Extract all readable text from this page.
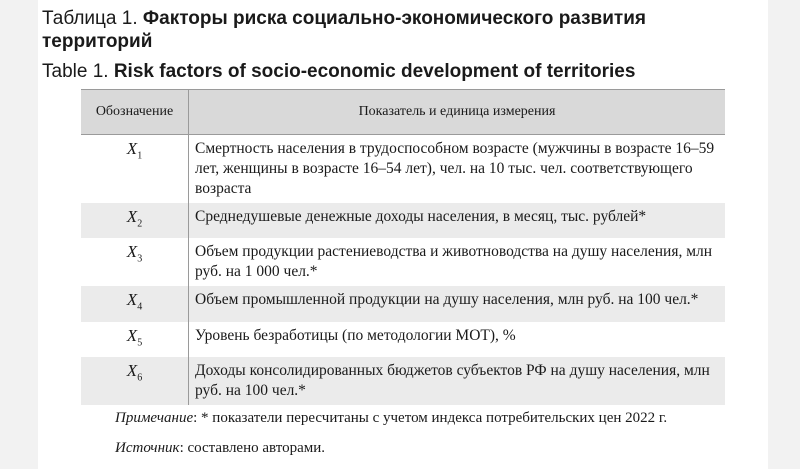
Таблица 1. Факторы риска социально-экономического развития территорий
Table 1. Risk factors of socio-economic development of territories
Обозначение	Показатель и единица измерения
$X_1$	Смертность населения в трудоспособном возрасте (мужчины в возрасте 16–59 лет, женщины в возрасте 16–54 лет), чел. на 10 тыс. чел. соответствующего возраста
$X_2$	Среднедушевые денежные доходы населения, в месяц, тыс. рублей*
$X_3$	Объем продукции растениеводства и животноводства на душу населения, млн руб. на 1 000 чел.*
$X_4$	Объем промышленной продукции на душу населения, млн руб. на 100 чел.*
$X_5$	Уровень безработицы (по методологии МОТ), %
$X_6$	Доходы консолидированных бюджетов субъектов РФ на душу населения, млн руб. на 100 чел.*
Примечание: * показатели пересчитаны с учетом индекса потребительских цен 2022 г.
Источник: составлено авторами.
